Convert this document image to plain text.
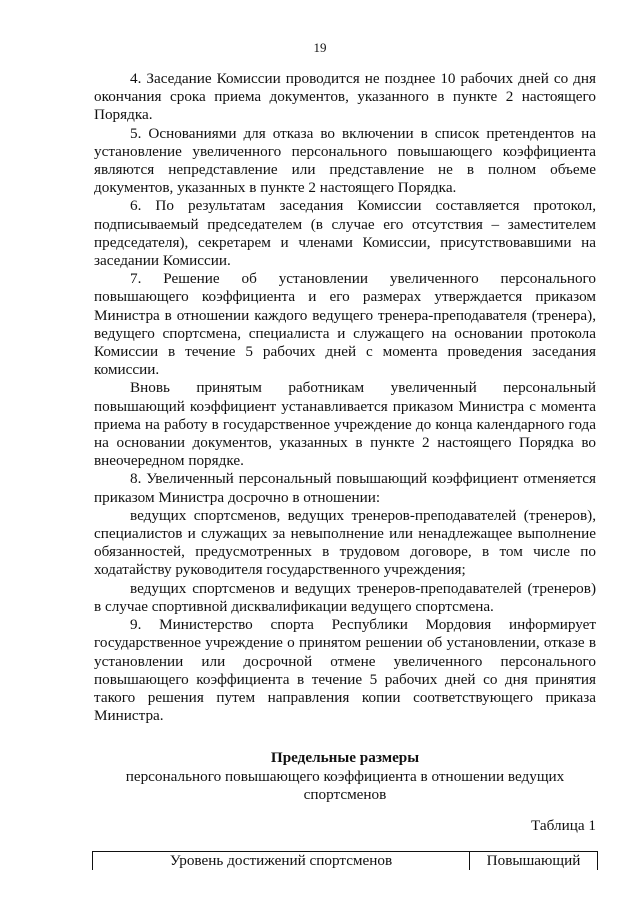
19

4. Заседание Комиссии проводится не позднее 10 рабочих дней со дня окончания срока приема документов, указанного в пункте 2 настоящего Порядка.

5. Основаниями для отказа во включении в список претендентов на установление увеличенного персонального повышающего коэффициента являются непредставление или представление не в полном объеме документов, указанных в пункте 2 настоящего Порядка.

6. По результатам заседания Комиссии составляется протокол, подписываемый председателем (в случае его отсутствия – заместителем председателя), секретарем и членами Комиссии, присутствовавшими на заседании Комиссии.

7. Решение об установлении увеличенного персонального повышающего коэффициента и его размерах утверждается приказом Министра в отношении каждого ведущего тренера-преподавателя (тренера), ведущего спортсмена, специалиста и служащего на основании протокола Комиссии в течение 5 рабочих дней с момента проведения заседания комиссии.

Вновь принятым работникам увеличенный персональный повышающий коэффициент устанавливается приказом Министра с момента приема на работу в государственное учреждение до конца календарного года на основании документов, указанных в пункте 2 настоящего Порядка во внеочередном порядке.

8. Увеличенный персональный повышающий коэффициент отменяется приказом Министра досрочно в отношении:

ведущих спортсменов, ведущих тренеров-преподавателей (тренеров), специалистов и служащих за невыполнение или ненадлежащее выполнение обязанностей, предусмотренных в трудовом договоре, в том числе по ходатайству руководителя государственного учреждения;

ведущих спортсменов и ведущих тренеров-преподавателей (тренеров) в случае спортивной дисквалификации ведущего спортсмена.

9. Министерство спорта Республики Мордовия информирует государственное учреждение о принятом решении об установлении, отказе в установлении или досрочной отмене увеличенного персонального повышающего коэффициента в течение 5 рабочих дней со дня принятия такого решения путем направления копии соответствующего приказа Министра.

Предельные размеры
персонального повышающего коэффициента в отношении ведущих спортсменов
Таблица 1
Уровень достижений спортсменов	Повышающий
